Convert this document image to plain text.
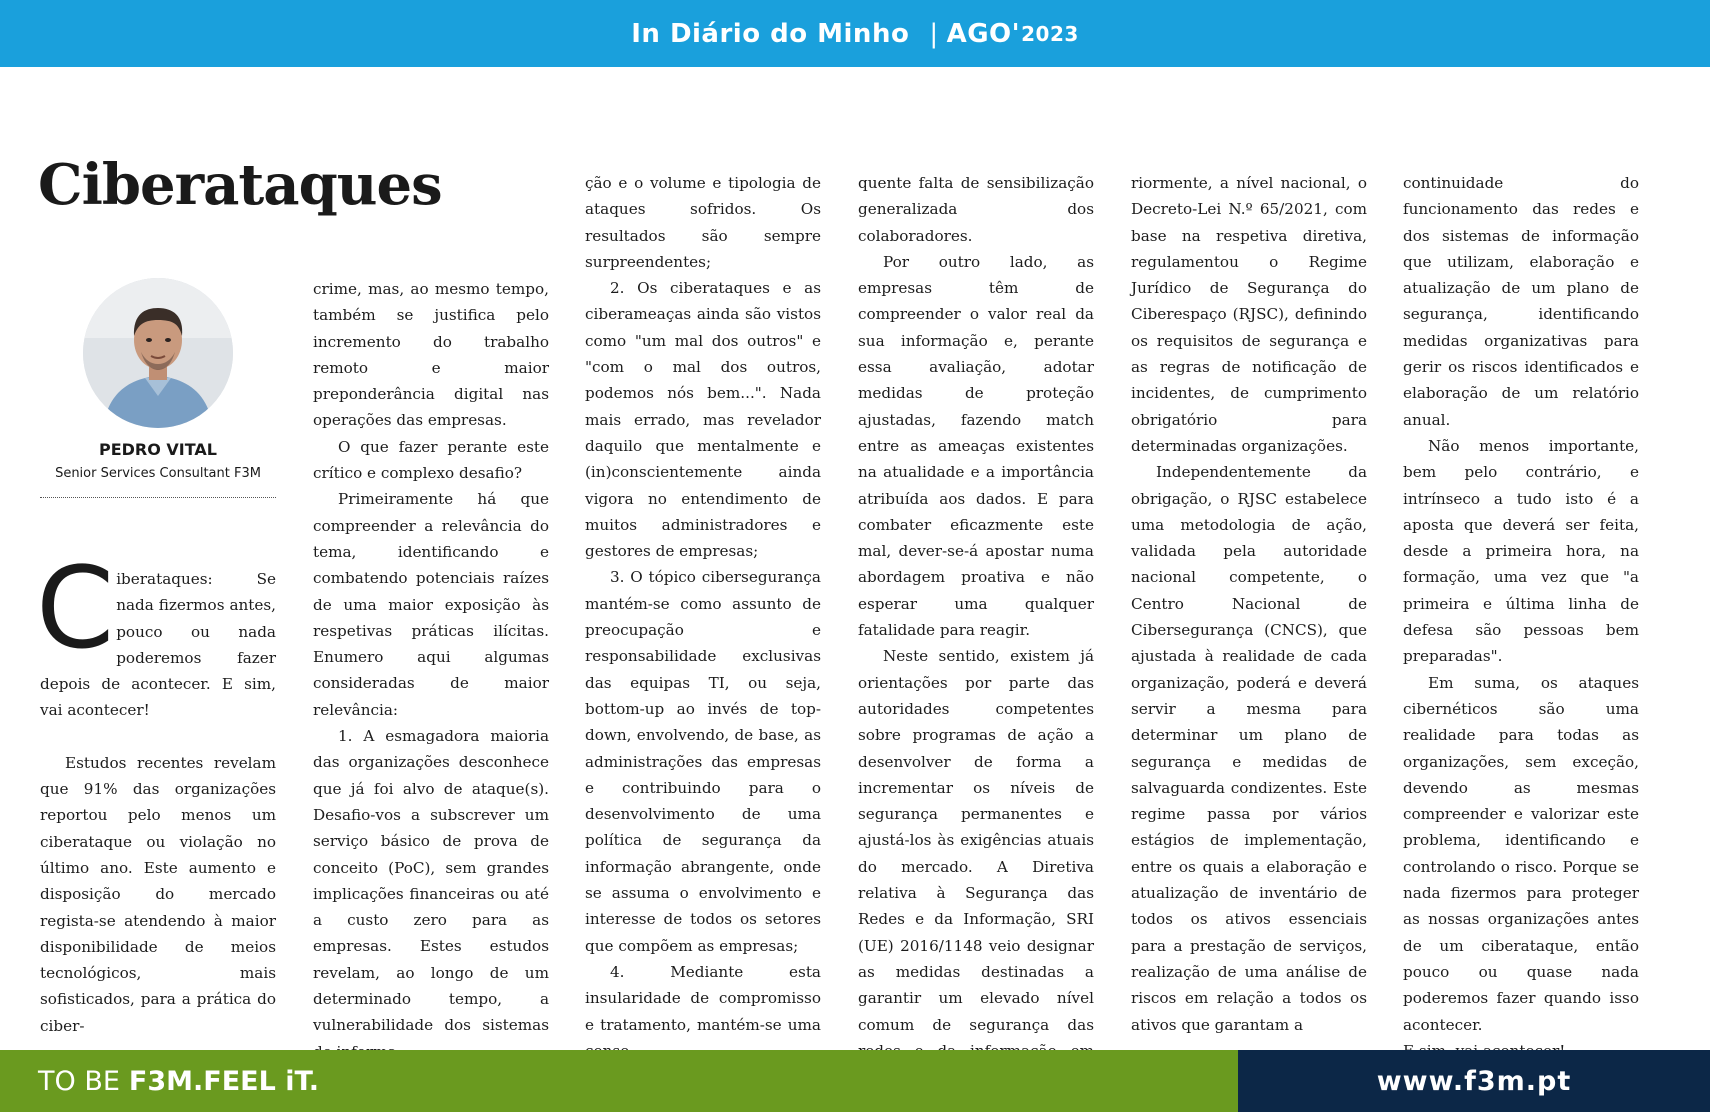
In Diário do Minho | AGO' 2023
Ciberataques
PEDRO VITAL
Senior Services Consultant F3M

Ciberataques: Se nada fizermos antes, pouco ou nada poderemos fazer depois de acontecer. E sim, vai acontecer!

Estudos recentes revelam que 91% das organizações reportou pelo menos um ciberataque ou violação no último ano. Este aumento e disposição do mercado regista-se atendendo à maior disponibilidade de meios tecnológicos, mais sofisticados, para a prática do ciber-

crime, mas, ao mesmo tempo, também se justifica pelo incremento do trabalho remoto e maior preponderância digital nas operações das empresas.

O que fazer perante este crítico e complexo desafio?

Primeiramente há que compreender a relevância do tema, identificando e combatendo potenciais raízes de uma maior exposição às respetivas práticas ilícitas. Enumero aqui algumas consideradas de maior relevância:

1. A esmagadora maioria das organizações desconhece que já foi alvo de ataque(s). Desafio-vos a subscrever um serviço básico de prova de conceito (PoC), sem grandes implicações financeiras ou até a custo zero para as empresas. Estes estudos revelam, ao longo de um determinado tempo, a vulnerabilidade dos sistemas

ção e o volume e tipologia de ataques sofridos. Os resultados são sempre surpreendentes;

2. Os ciberataques e as ciberameaças ainda são vistos como "um mal dos outros" e "com o mal dos outros, podemos nós bem...". Nada mais errado, mas revelador daquilo que mentalmente e (in)conscientemente ainda vigora no entendimento de muitos administradores e gestores de empresas;

3. O tópico cibersegurança mantém-se como assunto de preocupação e responsabilidade exclusivas das equipas TI, ou seja, bottom-up ao invés de top-down, envolvendo, de base, as administrações das empresas e contribuindo para o desenvolvimento de uma política de segurança da informação abrangente, onde se assuma o envolvimento e interesse de todos os setores que compõem as empresas;

4. Mediante esta insularidade de compromisso e tratamento, mantém-se uma

quente falta de sensibilização generalizada dos colaboradores.

Por outro lado, as empresas têm de compreender o valor real da sua informação e, perante essa avaliação, adotar medidas de proteção ajustadas, fazendo match entre as ameaças existentes na atualidade e a importância atribuída aos dados. E para combater eficazmente este mal, dever-se-á apostar numa abordagem proativa e não esperar uma qualquer fatalidade para reagir.

Neste sentido, existem já orientações por parte das autoridades competentes sobre programas de ação a desenvolver de forma a incrementar os níveis de segurança permanentes e ajustá-los às exigências atuais do mercado. A Diretiva relativa à Segurança das Redes e da Informação, SRI (UE) 2016/1148 veio designar as medidas destinadas a garantir um elevado nível comum de segurança das

riormente, a nível nacional, o Decreto-Lei N.º 65/2021, com base na respetiva diretiva, regulamentou o Regime Jurídico de Segurança do Ciberespaço (RJSC), definindo os requisitos de segurança e as regras de notificação de incidentes, de cumprimento obrigatório para determinadas organizações.

Independentemente da obrigação, o RJSC estabelece uma metodologia de ação, validada pela autoridade nacional competente, o Centro Nacional de Cibersegurança (CNCS), que ajustada à realidade de cada organização, poderá e deverá servir a mesma para determinar um plano de segurança e medidas de salvaguarda condizentes. Este regime passa por vários estágios de implementação, entre os quais a elaboração e atualização de inventário de todos os ativos essenciais para a prestação de serviços, realização de uma análise de riscos em relação a todos os ativos que garantam a

continuidade do funcionamento das redes e dos sistemas de informação que utilizam, elaboração e atualização de um plano de segurança, identificando medidas organizativas para gerir os riscos identificados e elaboração de um relatório anual.

Não menos importante, bem pelo contrário, e intrínseco a tudo isto é a aposta que deverá ser feita, desde a primeira hora, na formação, uma vez que "a primeira e última linha de defesa são pessoas bem preparadas".

Em suma, os ataques cibernéticos são uma realidade para todas as organizações, sem exceção, devendo as mesmas compreender e valorizar este problema, identificando e controlando o risco. Porque se nada fizermos para proteger as nossas organizações antes de um ciberataque, então pouco ou quase nada poderemos fazer quando isso acontecer.

TO BE F3M.FEEL iT.	www.f3m.pt
